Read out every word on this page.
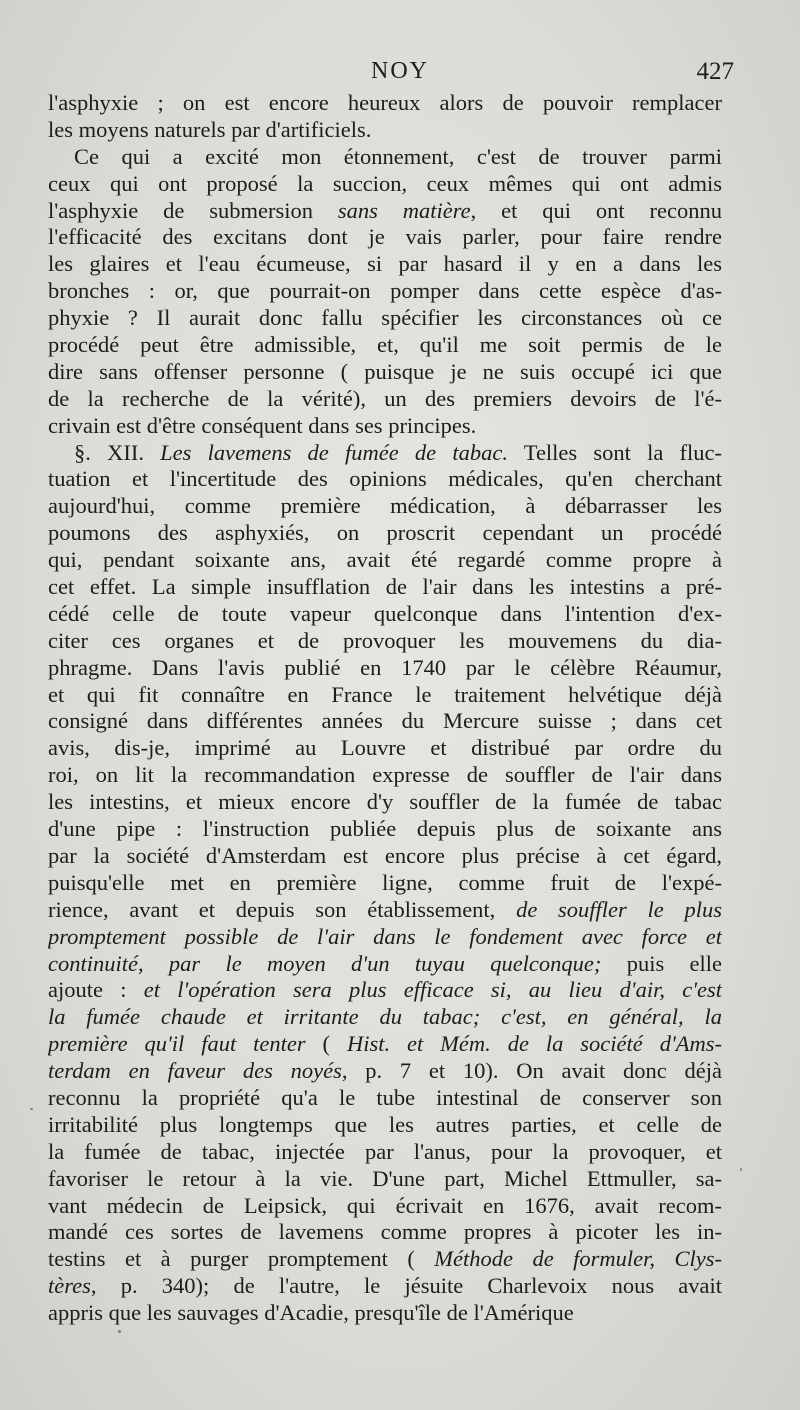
NOY	427
l'asphyxie ; on est encore heureux alors de pouvoir remplacer
les moyens naturels par d'artificiels.
Ce qui a excité mon étonnement, c'est de trouver parmi
ceux qui ont proposé la succion, ceux mêmes qui ont admis
l'asphyxie de submersion sans matière, et qui ont reconnu
l'efficacité des excitans dont je vais parler, pour faire rendre
les glaires et l'eau écumeuse, si par hasard il y en a dans les
bronches : or, que pourrait-on pomper dans cette espèce d'as-
phyxie ? Il aurait donc fallu spécifier les circonstances où ce
procédé peut être admissible, et, qu'il me soit permis de le
dire sans offenser personne ( puisque je ne suis occupé ici que
de la recherche de la vérité), un des premiers devoirs de l'é-
crivain est d'être conséquent dans ses principes.
§. XII. Les lavemens de fumée de tabac. Telles sont la fluc-
tuation et l'incertitude des opinions médicales, qu'en cherchant
aujourd'hui, comme première médication, à débarrasser les
poumons des asphyxiés, on proscrit cependant un procédé
qui, pendant soixante ans, avait été regardé comme propre à
cet effet. La simple insufflation de l'air dans les intestins a pré-
cédé celle de toute vapeur quelconque dans l'intention d'ex-
citer ces organes et de provoquer les mouvemens du dia-
phragme. Dans l'avis publié en 1740 par le célèbre Réaumur,
et qui fit connaître en France le traitement helvétique déjà
consigné dans différentes années du Mercure suisse ; dans cet
avis, dis-je, imprimé au Louvre et distribué par ordre du
roi, on lit la recommandation expresse de souffler de l'air dans
les intestins, et mieux encore d'y souffler de la fumée de tabac
d'une pipe : l'instruction publiée depuis plus de soixante ans
par la société d'Amsterdam est encore plus précise à cet égard,
puisqu'elle met en première ligne, comme fruit de l'expé-
rience, avant et depuis son établissement, de souffler le plus
promptement possible de l'air dans le fondement avec force et
continuité, par le moyen d'un tuyau quelconque; puis elle
ajoute : et l'opération sera plus efficace si, au lieu d'air, c'est
la fumée chaude et irritante du tabac; c'est, en général, la
première qu'il faut tenter ( Hist. et Mém. de la société d'Ams-
terdam en faveur des noyés, p. 7 et 10). On avait donc déjà
reconnu la propriété qu'a le tube intestinal de conserver son
irritabilité plus longtemps que les autres parties, et celle de
la fumée de tabac, injectée par l'anus, pour la provoquer, et
favoriser le retour à la vie. D'une part, Michel Ettmuller, sa-
vant médecin de Leipsick, qui écrivait en 1676, avait recom-
mandé ces sortes de lavemens comme propres à picoter les in-
testins et à purger promptement ( Méthode de formuler, Clys-
tères, p. 340); de l'autre, le jésuite Charlevoix nous avait
appris que les sauvages d'Acadie, presqu'île de l'Amérique
